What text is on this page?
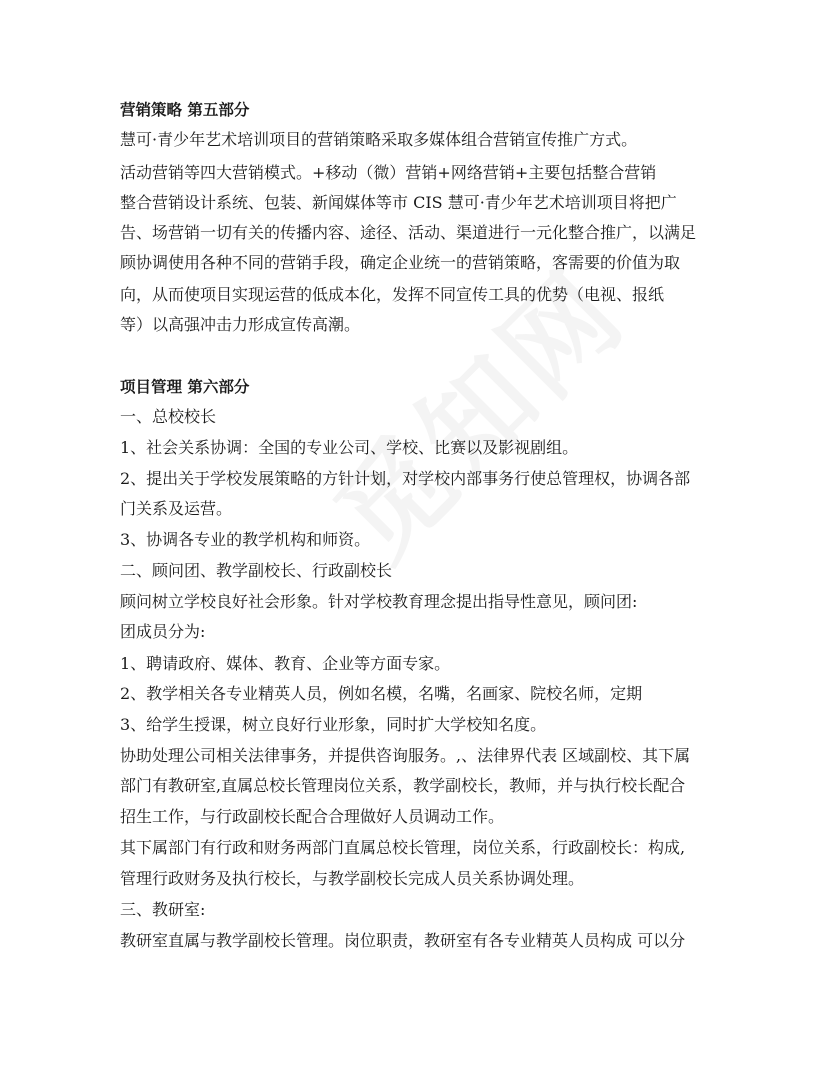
营销策略 第五部分

慧可·青少年艺术培训项目的营销策略采取多媒体组合营销宣传推广方式。

活动营销等四大营销模式。+移动（微）营销+网络营销+主要包括整合营销

整合营销设计系统、包装、新闻媒体等市 CIS 慧可·青少年艺术培训项目将把广

告、场营销一切有关的传播内容、途径、活动、渠道进行一元化整合推广，以满足

顾协调使用各种不同的营销手段，确定企业统一的营销策略，客需要的价值为取

向，从而使项目实现运营的低成本化，发挥不同宣传工具的优势（电视、报纸

等）以高强冲击力形成宣传高潮。

项目管理 第六部分

一、总校校长

1、社会关系协调：全国的专业公司、学校、比赛以及影视剧组。

2、提出关于学校发展策略的方针计划，对学校内部事务行使总管理权，协调各部

门关系及运营。

3、协调各专业的教学机构和师资。

二、顾问团、教学副校长、行政副校长

顾问树立学校良好社会形象。针对学校教育理念提出指导性意见，顾问团:

团成员分为:

1、聘请政府、媒体、教育、企业等方面专家。

2、教学相关各专业精英人员，例如名模，名嘴，名画家、院校名师，定期

3、给学生授课，树立良好行业形象，同时扩大学校知名度。

协助处理公司相关法律事务，并提供咨询服务。,、法律界代表 区域副校、其下属

部门有教研室,直属总校长管理岗位关系，教学副校长，教师，并与执行校长配合

招生工作，与行政副校长配合合理做好人员调动工作。

其下属部门有行政和财务两部门直属总校长管理，岗位关系，行政副校长：构成,

管理行政财务及执行校长，与教学副校长完成人员关系协调处理。

三、教研室:

教研室直属与教学副校长管理。岗位职责，教研室有各专业精英人员构成 可以分
